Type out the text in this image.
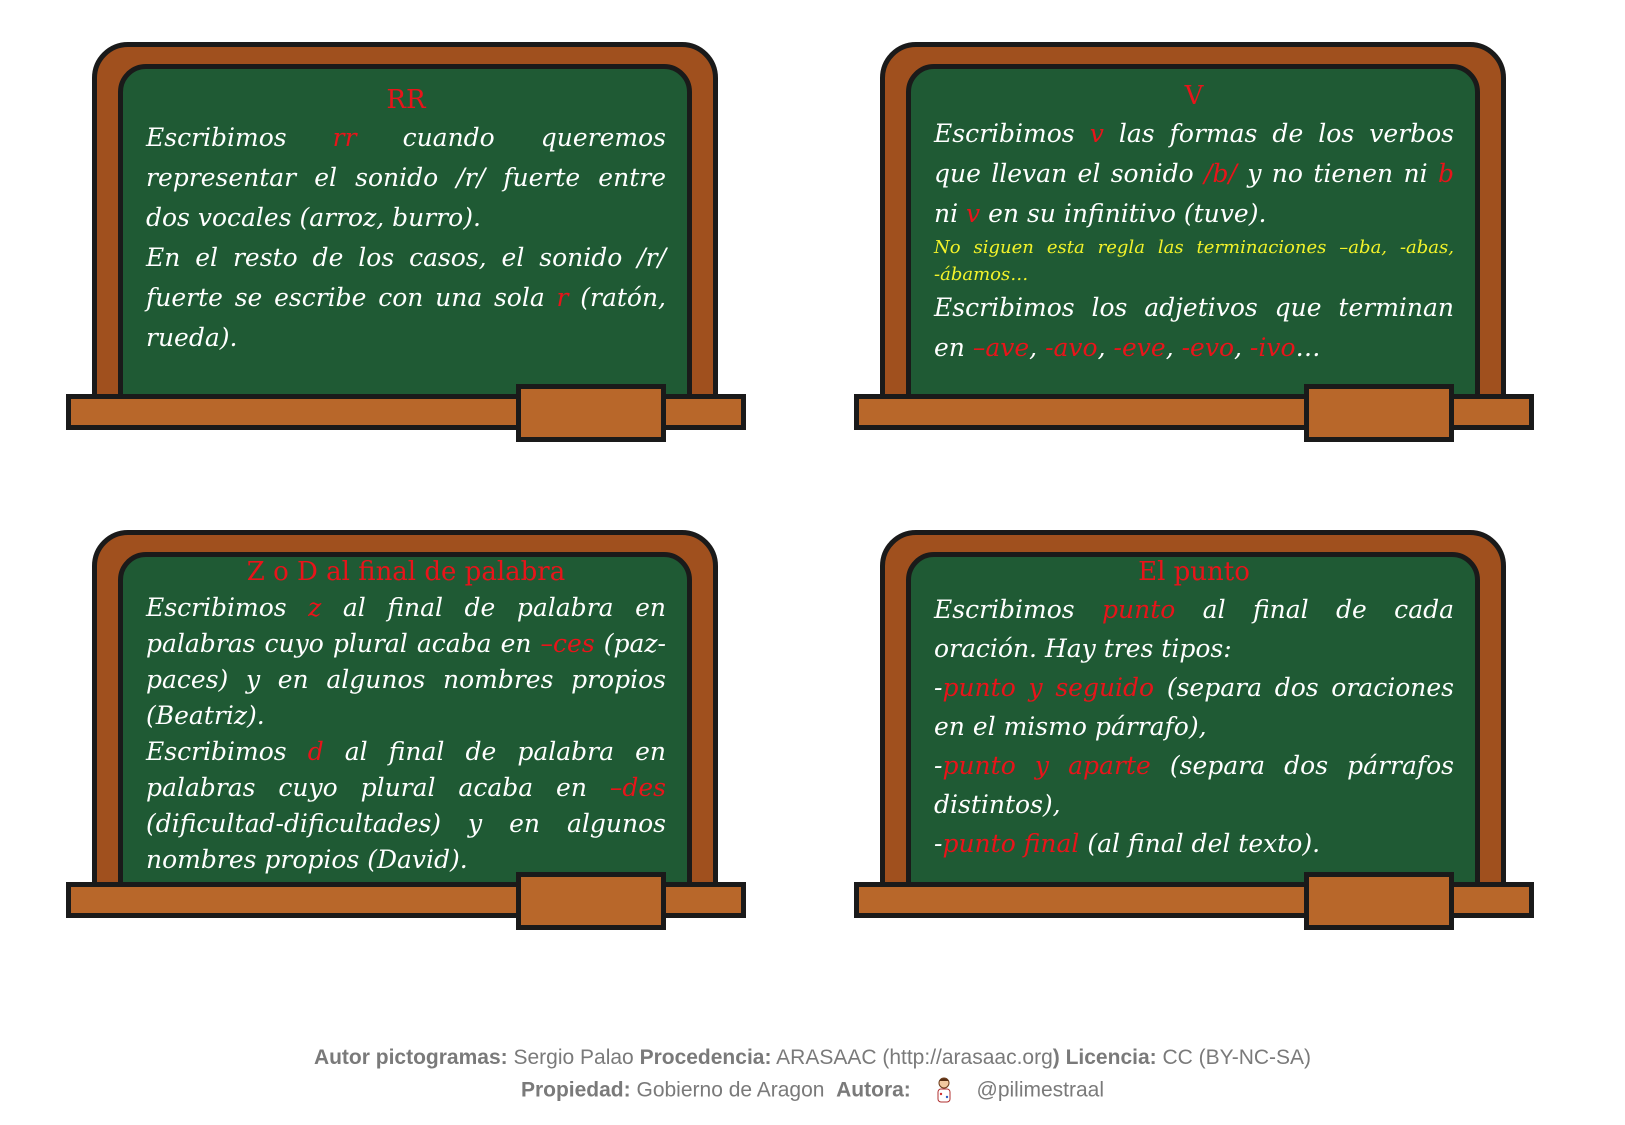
RR

Escribimos rr cuando queremos representar el sonido /r/ fuerte entre dos vocales (arroz, burro).

En el resto de los casos, el sonido /r/ fuerte se escribe con una sola r (ratón, rueda).

V

Escribimos v las formas de los verbos que llevan el sonido /b/ y no tienen ni b ni v en su infinitivo (tuve).

No siguen esta regla las terminaciones –aba, -abas, -ábamos…

Escribimos los adjetivos que terminan en –ave, -avo, -eve, -evo, -ivo…

Z o D al final de palabra

Escribimos z al final de palabra en palabras cuyo plural acaba en –ces (paz-paces) y en algunos nombres propios (Beatriz).

Escribimos d al final de palabra en palabras cuyo plural acaba en –des (dificultad-dificultades) y en algunos nombres propios (David).

El punto

Escribimos punto al final de cada oración. Hay tres tipos:

-punto y seguido (separa dos oraciones en el mismo párrafo),

-punto y aparte (separa dos párrafos distintos),

-punto final (al final del texto).

Autor pictogramas: Sergio Palao Procedencia: ARASAAC (http://arasaac.org) Licencia: CC (BY-NC-SA)
Propiedad: Gobierno de Aragon Autora:	@pilimestraal
